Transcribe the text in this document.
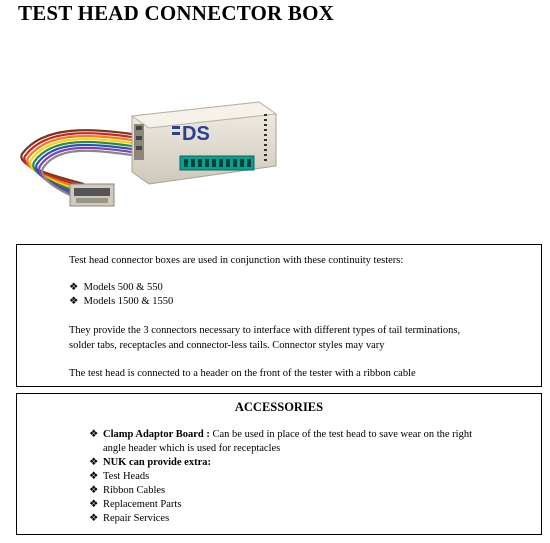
TEST HEAD CONNECTOR BOX
DS
Test head connector boxes are used in conjunction with these continuity testers:
❖ Models 500 & 550
❖ Models 1500 & 1550
They provide the 3 connectors necessary to interface with different types of tail terminations,
solder tabs, receptacles and connector-less tails. Connector styles may vary
The test head is connected to a header on the front of the tester with a ribbon cable
ACCESSORIES
❖ Clamp Adaptor Board : Can be used in place of the test head to save wear on the right
angle header which is used for receptacles
❖ NUK can provide extra:
❖ Test Heads
❖ Ribbon Cables
❖ Replacement Parts
❖ Repair Services
